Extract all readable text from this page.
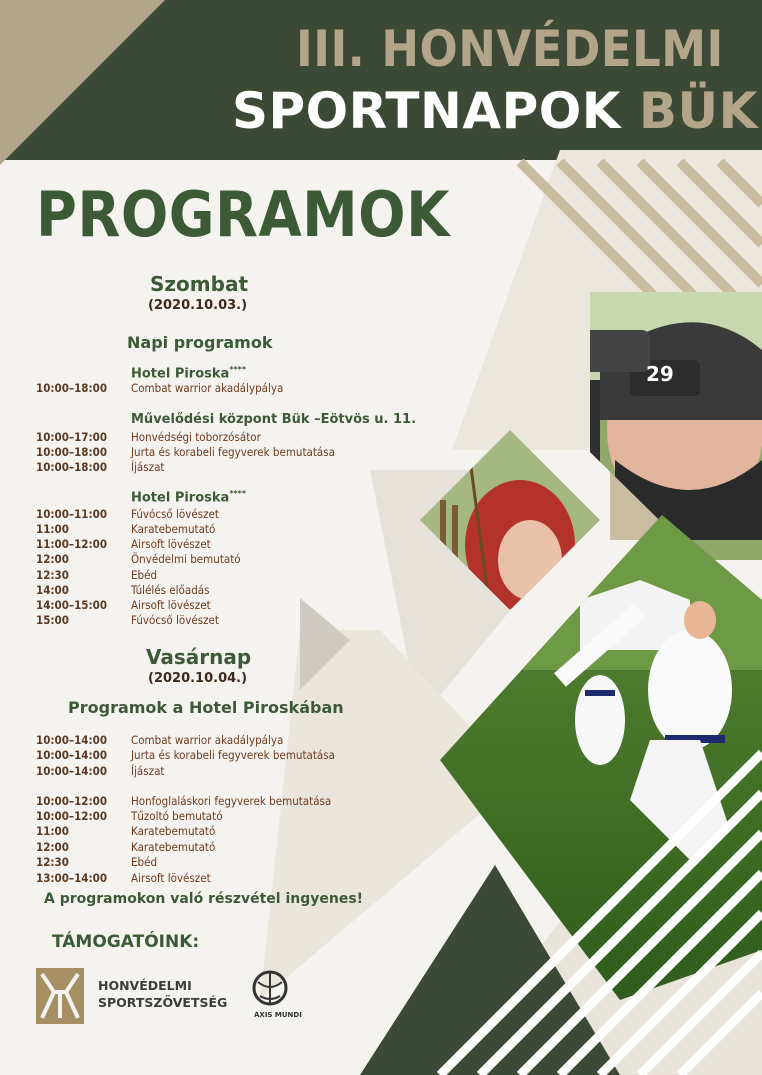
29
III. HONVÉDELMI
SPORTNAPOK BÜK
PROGRAMOK
Szombat
(2020.10.03.)
Napi programok
Hotel Piroska****
10:00–18:00 Combat warrior akadálypálya
Művelődési központ Bük –Eötvös u. 11.
10:00–17:00 Honvédségi toborzósátor
10:00–18:00 Jurta és korabeli fegyverek bemutatása
10:00–18:00 Íjászat
Hotel Piroska****
10:00–11:00 Fúvócső lövészet
11:00	Karatebemutató
11:00–12:00 Airsoft lövészet
12:00	Önvédelmi bemutató
12:30	Ebéd
14:00	Túlélés előadás
14:00–15:00 Airsoft lövészet
15:00	Fúvócső lövészet
Vasárnap
(2020.10.04.)
Programok a Hotel Piroskában
10:00–14:00 Combat warrior akadálypálya
10:00–14:00 Jurta és korabeli fegyverek bemutatása
10:00–14:00 Íjászat
10:00–12:00 Honfoglaláskori fegyverek bemutatása
10:00–12:00 Tűzoltó bemutató
11:00	Karatebemutató
12:00	Karatebemutató
12:30	Ebéd
13:00–14:00 Airsoft lövészet
A programokon való részvétel ingyenes!
TÁMOGATÓINK:
HONVÉDELMI
SPORTSZÖVETSÉG
AXIS MUNDI
